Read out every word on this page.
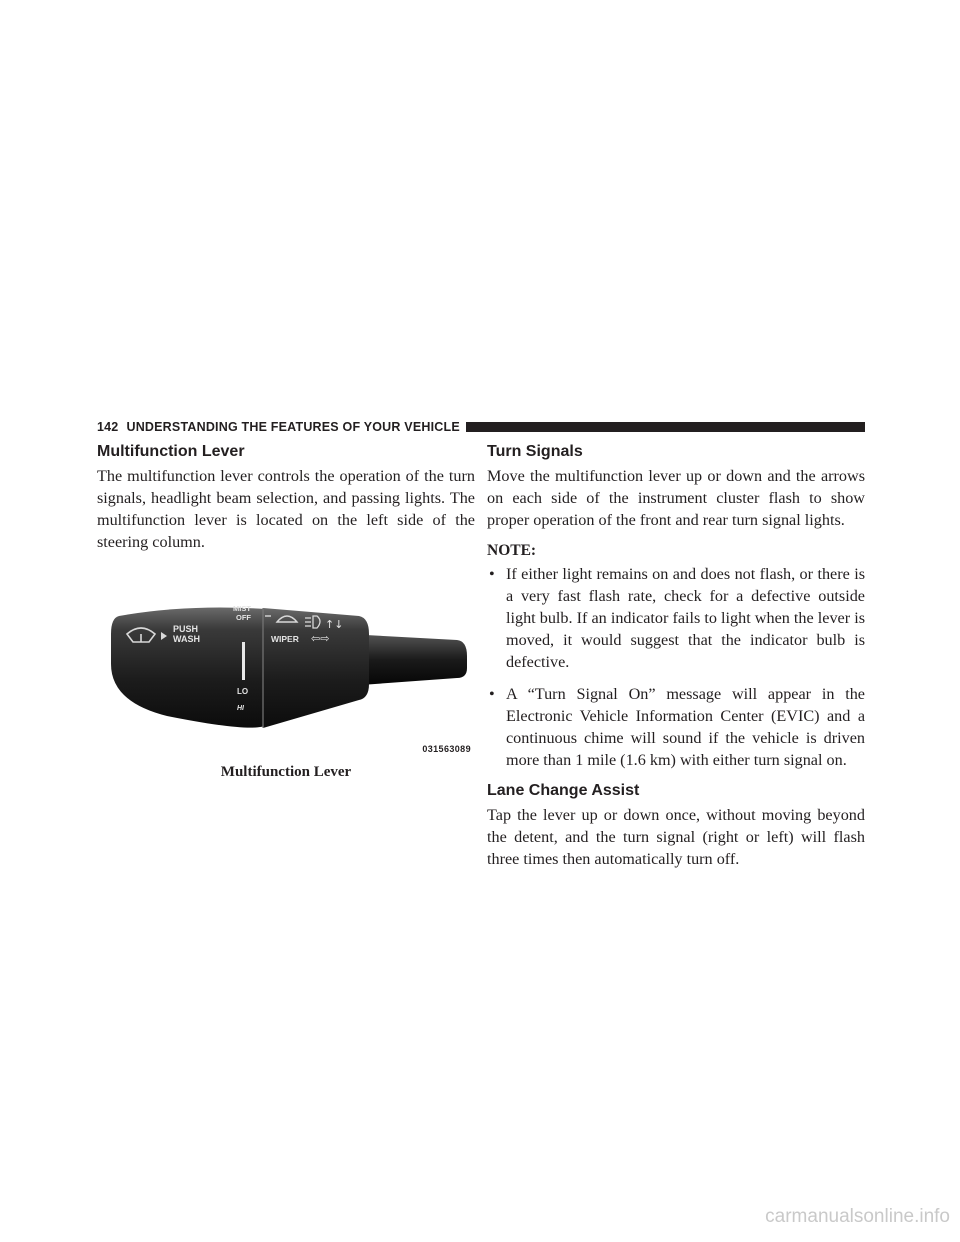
142 UNDERSTANDING THE FEATURES OF YOUR VEHICLE
Multifunction Lever

The multifunction lever controls the operation of the turn signals, headlight beam selection, and passing lights. The multifunction lever is located on the left side of the steering column.

PUSH
WASH
MIST
OFF
WIPER
↑↓
⇦⇨
LO
HI
031563089
Multifunction Lever
Turn Signals

Move the multifunction lever up or down and the arrows on each side of the instrument cluster flash to show proper operation of the front and rear turn signal lights.

NOTE:
• If either light remains on and does not flash, or there is a very fast flash rate, check for a defective outside light bulb. If an indicator fails to light when the lever is moved, it would suggest that the indicator bulb is defective.
• A “Turn Signal On” message will appear in the Electronic Vehicle Information Center (EVIC) and a continuous chime will sound if the vehicle is driven more than 1 mile (1.6 km) with either turn signal on.
Lane Change Assist

Tap the lever up or down once, without moving beyond the detent, and the turn signal (right or left) will flash three times then automatically turn off.

carmanualsonline.info
